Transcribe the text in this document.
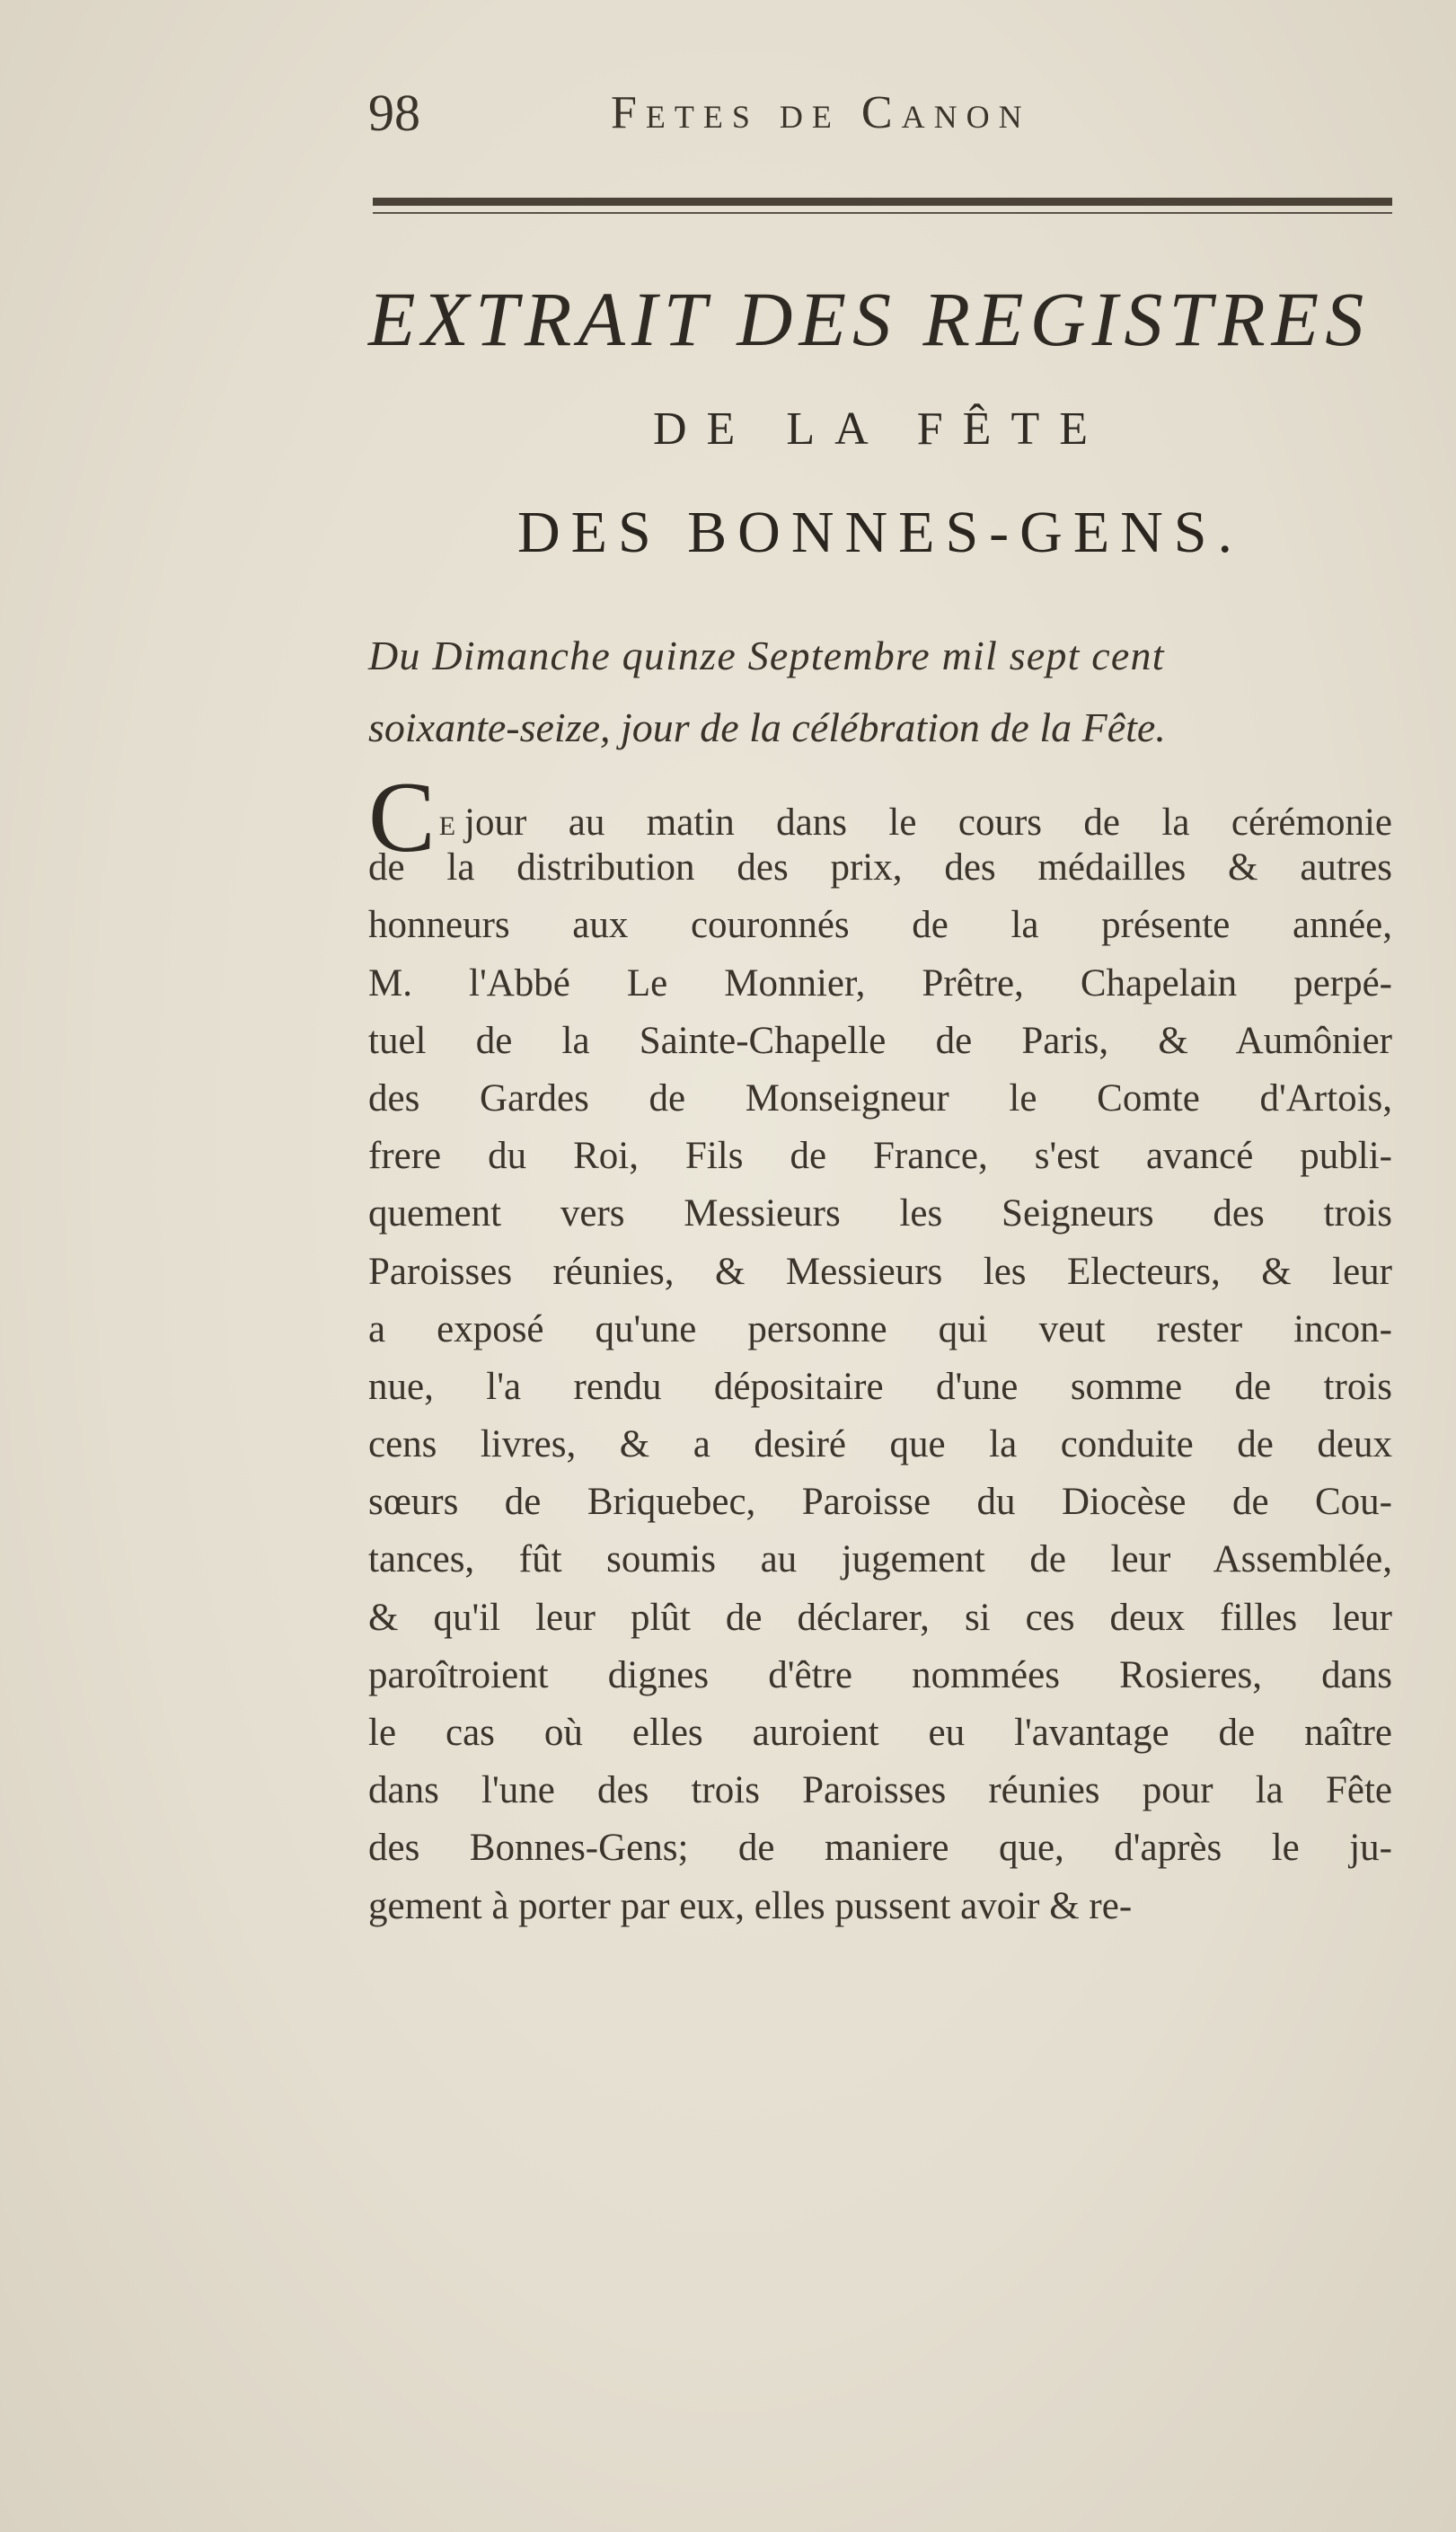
98	Fetes de Canon
EXTRAIT DES REGISTRES
DE LA FÊTE
DES BONNES-GENS.
Du Dimanche quinze Septembre mil sept cent
soixante-seize, jour de la célébration de la Fête.
C E jour au matin dans le cours de la cérémonie
de la distribution des prix, des médailles & autres
honneurs aux couronnés de la présente année,
M. l'Abbé Le Monnier, Prêtre, Chapelain perpé-
tuel de la Sainte-Chapelle de Paris, & Aumônier
des Gardes de Monseigneur le Comte d'Artois,
frere du Roi, Fils de France, s'est avancé publi-
quement vers Messieurs les Seigneurs des trois
Paroisses réunies, & Messieurs les Electeurs, & leur
a exposé qu'une personne qui veut rester incon-
nue, l'a rendu dépositaire d'une somme de trois
cens livres, & a desiré que la conduite de deux
sœurs de Briquebec, Paroisse du Diocèse de Cou-
tances, fût soumis au jugement de leur Assemblée,
& qu'il leur plût de déclarer, si ces deux filles leur
paroîtroient dignes d'être nommées Rosieres, dans
le cas où elles auroient eu l'avantage de naître
dans l'une des trois Paroisses réunies pour la Fête
des Bonnes-Gens; de maniere que, d'après le ju-
gement à porter par eux, elles pussent avoir & re-
